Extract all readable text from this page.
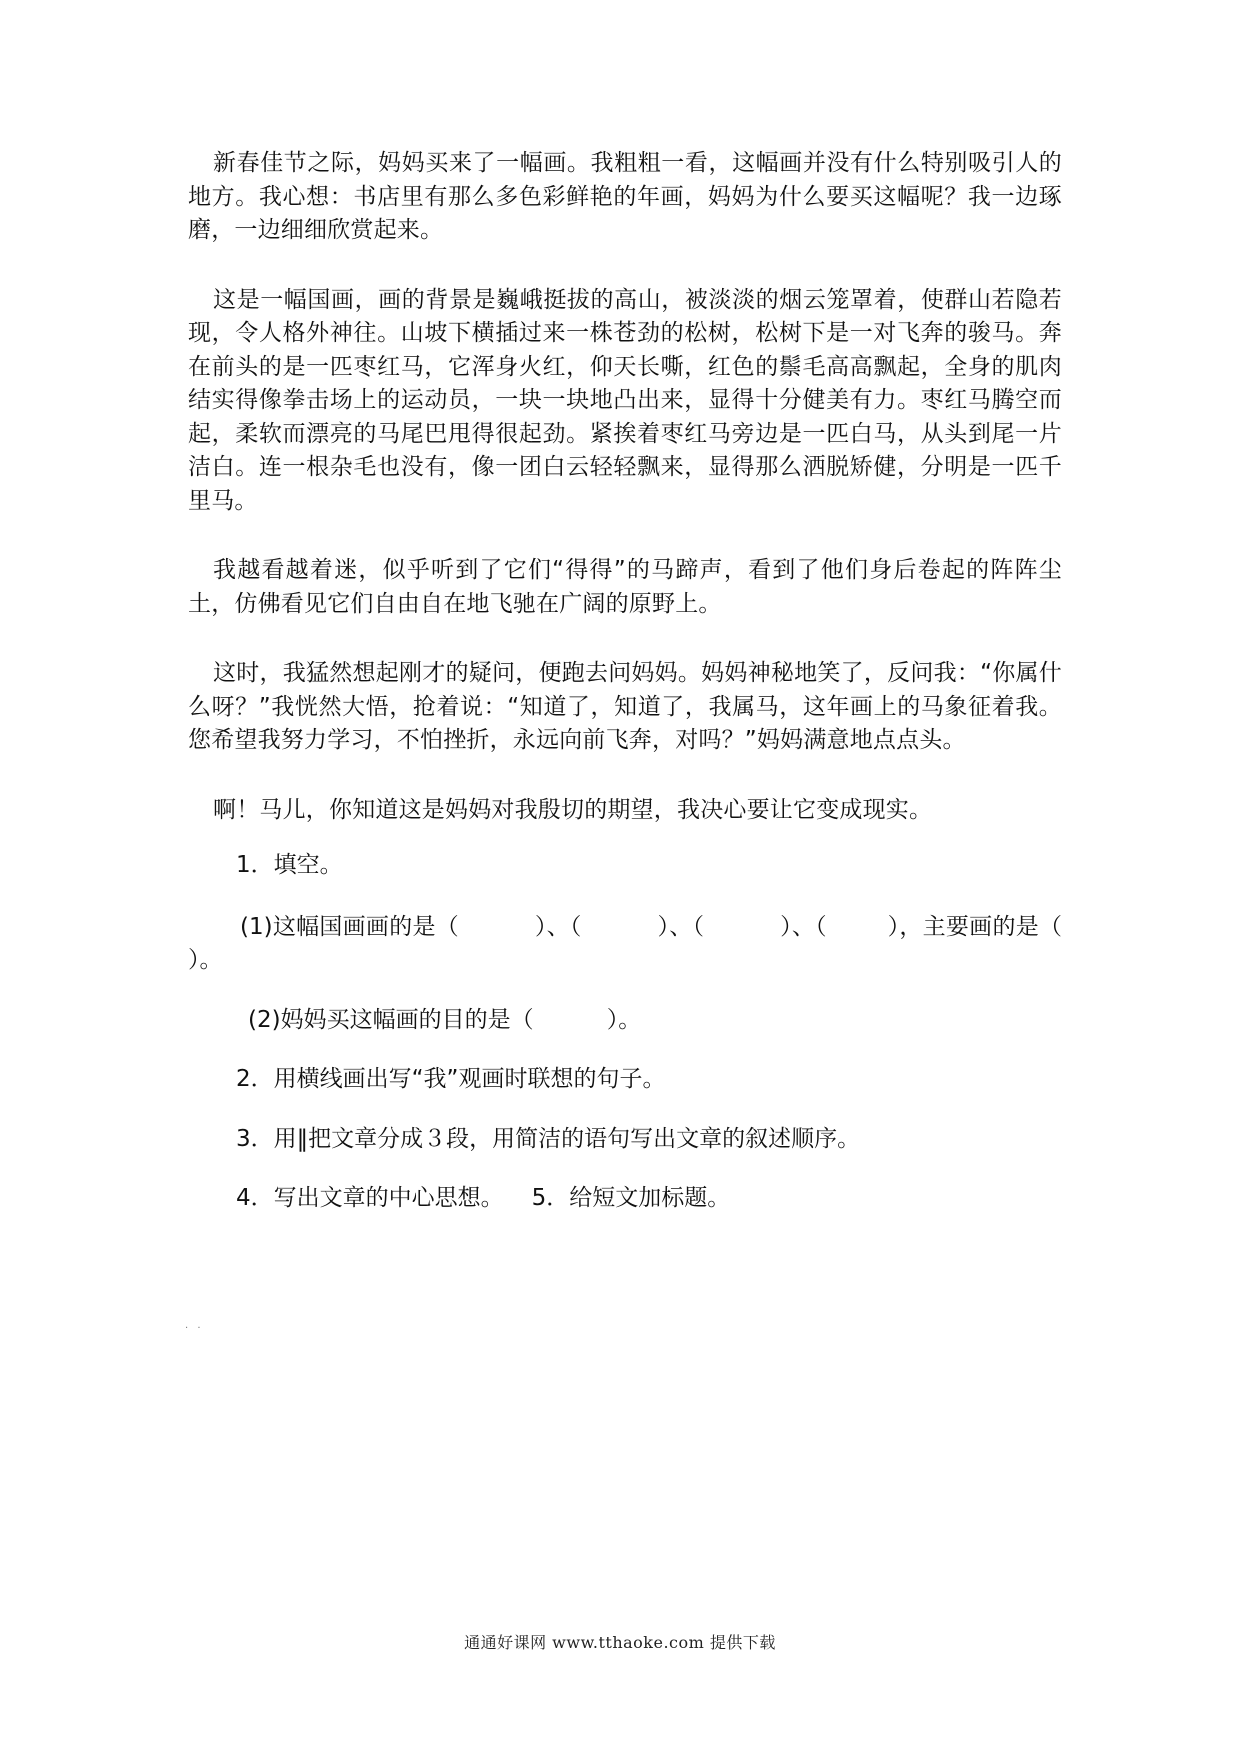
新春佳节之际，妈妈买来了一幅画。我粗粗一看，这幅画并没有什么特别吸引人的地方。我心想：书店里有那么多色彩鲜艳的年画，妈妈为什么要买这幅呢？我一边琢磨，一边细细欣赏起来。

这是一幅国画，画的背景是巍峨挺拔的高山，被淡淡的烟云笼罩着，使群山若隐若现，令人格外神往。山坡下横插过来一株苍劲的松树，松树下是一对飞奔的骏马。奔在前头的是一匹枣红马，它浑身火红，仰天长嘶，红色的鬃毛高高飘起，全身的肌肉结实得像拳击场上的运动员，一块一块地凸出来，显得十分健美有力。枣红马腾空而起，柔软而漂亮的马尾巴甩得很起劲。紧挨着枣红马旁边是一匹白马，从头到尾一片洁白。连一根杂毛也没有，像一团白云轻轻飘来，显得那么洒脱矫健，分明是一匹千里马。

我越看越着迷，似乎听到了它们“得得”的马蹄声，看到了他们身后卷起的阵阵尘土，仿佛看见它们自由自在地飞驰在广阔的原野上。

这时，我猛然想起刚才的疑问，便跑去问妈妈。妈妈神秘地笑了，反问我：“你属什么呀？”我恍然大悟，抢着说：“知道了，知道了，我属马，这年画上的马象征着我。您希望我努力学习，不怕挫折，永远向前飞奔，对吗？”妈妈满意地点点头。

啊！马儿，你知道这是妈妈对我殷切的期望，我决心要让它变成现实。

1．填空。

(1)这幅国画画的是（          ）、（          ）、（          ）、（        ），主要画的是（     ）。

(2)妈妈买这幅画的目的是（          ）。

2．用横线画出写“我”观画时联想的句子。

3．用‖把文章分成３段，用简洁的语句写出文章的叙述顺序。

4．写出文章的中心思想。 5．给短文加标题。

. .
通通好课网 www.tthaoke.com 提供下载
